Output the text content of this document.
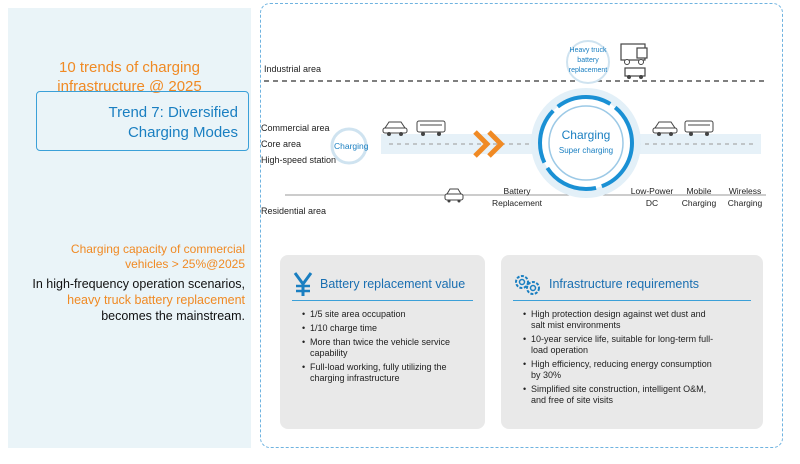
10 trends of charging
infrastructure @ 2025
Trend 7: Diversified
Charging Modes
Charging capacity of commercial
vehicles > 25%@2025
In high-frequency operation scenarios,
heavy truck battery replacement
becomes the mainstream.
Industrial area
Commercial area
Core area
High-speed station
Residential area
Charging
Heavy truck
battery
replacement
Charging
Super charging
Battery
Replacement
Low-Power
DC
Mobile
Charging
Wireless
Charging
Battery replacement value
• 1/5 site area occupation
• 1/10 charge time
• More than twice the vehicle service
capability
• Full-load working, fully utilizing the
charging infrastructure
Infrastructure requirements
• High protection design against wet dust and
salt mist environments
• 10-year service life, suitable for long-term full-
load operation
• High efficiency, reducing energy consumption
by 30%
• Simplified site construction, intelligent O&M,
and free of site visits
